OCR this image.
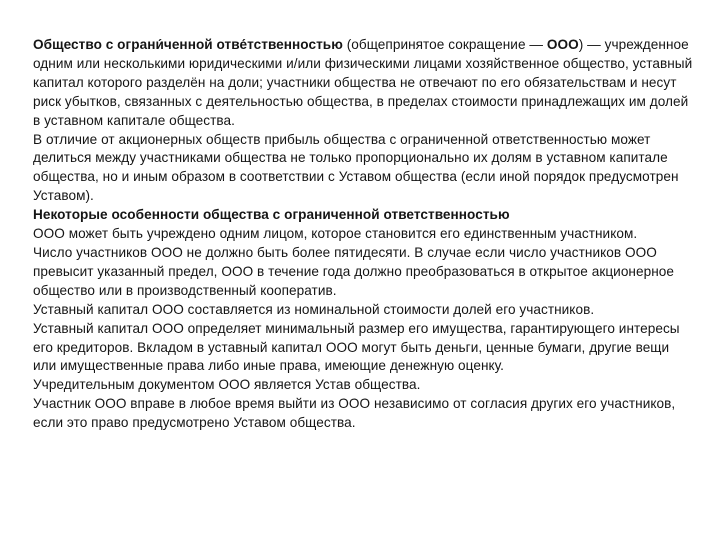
Общество с ограни́ченной отве́тственностью (общепринятое сокращение — ООО) — учрежденное одним или несколькими юридическими и/или физическими лицами хозяйственное общество, уставный капитал которого разделён на доли; участники общества не отвечают по его обязательствам и несут риск убытков, связанных с деятельностью общества, в пределах стоимости принадлежащих им долей в уставном капитале общества.

В отличие от акционерных обществ прибыль общества с ограниченной ответственностью может делиться между участниками общества не только пропорционально их долям в уставном капитале общества, но и иным образом в соответствии с Уставом общества (если иной порядок предусмотрен Уставом).

Некоторые особенности общества с ограниченной ответственностью

ООО может быть учреждено одним лицом, которое становится его единственным участником.

Число участников ООО не должно быть более пятидесяти. В случае если число участников ООО превысит указанный предел, ООО в течение года должно преобразоваться в открытое акционерное общество или в производственный кооператив.

Уставный капитал ООО составляется из номинальной стоимости долей его участников.

Уставный капитал ООО определяет минимальный размер его имущества, гарантирующего интересы его кредиторов. Вкладом в уставный капитал ООО могут быть деньги, ценные бумаги, другие вещи или имущественные права либо иные права, имеющие денежную оценку.

Учредительным документом ООО является Устав общества.

Участник ООО вправе в любое время выйти из ООО независимо от согласия других его участников, если это право предусмотрено Уставом общества.
